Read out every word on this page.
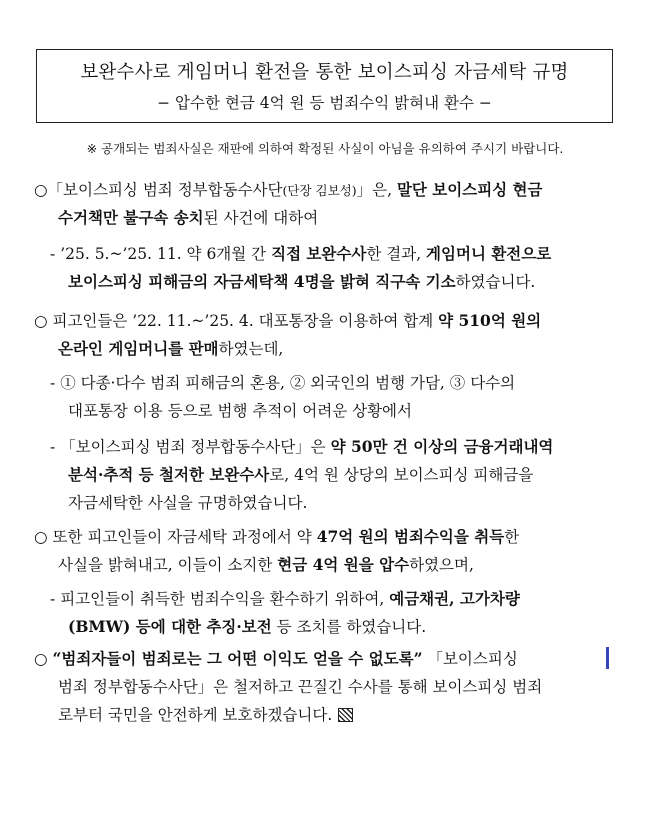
보완수사로 게임머니 환전을 통한 보이스피싱 자금세탁 규명
− 압수한 현금 4억 원 등 범죄수익 밝혀내 환수 −
※ 공개되는 범죄사실은 재판에 의하여 확정된 사실이 아님을 유의하여 주시기 바랍니다.
○「보이스피싱 범죄 정부합동수사단(단장 김보성)」은, 말단 보이스피싱 현금
수거책만 불구속 송치된 사건에 대하여
- ’25. 5.~’25. 11. 약 6개월 간 직접 보완수사한 결과, 게임머니 환전으로
보이스피싱 피해금의 자금세탁책 4명을 밝혀 직구속 기소하였습니다.
○ 피고인들은 ’22. 11.~’25. 4. 대포통장을 이용하여 합계 약 510억 원의
온라인 게임머니를 판매하였는데,
- ① 다종·다수 범죄 피해금의 혼용, ② 외국인의 범행 가담, ③ 다수의
대포통장 이용 등으로 범행 추적이 어려운 상황에서
- 「보이스피싱 범죄 정부합동수사단」은 약 50만 건 이상의 금융거래내역
분석·추적 등 철저한 보완수사로, 4억 원 상당의 보이스피싱 피해금을
자금세탁한 사실을 규명하였습니다.
○ 또한 피고인들이 자금세탁 과정에서 약 47억 원의 범죄수익을 취득한
사실을 밝혀내고, 이들이 소지한 현금 4억 원을 압수하였으며,
- 피고인들이 취득한 범죄수익을 환수하기 위하여, 예금채권, 고가차량
(BMW) 등에 대한 추징·보전 등 조치를 하였습니다.
○ “범죄자들이 범죄로는 그 어떤 이익도 얻을 수 없도록” 「보이스피싱
범죄 정부합동수사단」은 철저하고 끈질긴 수사를 통해 보이스피싱 범죄
로부터 국민을 안전하게 보호하겠습니다.
